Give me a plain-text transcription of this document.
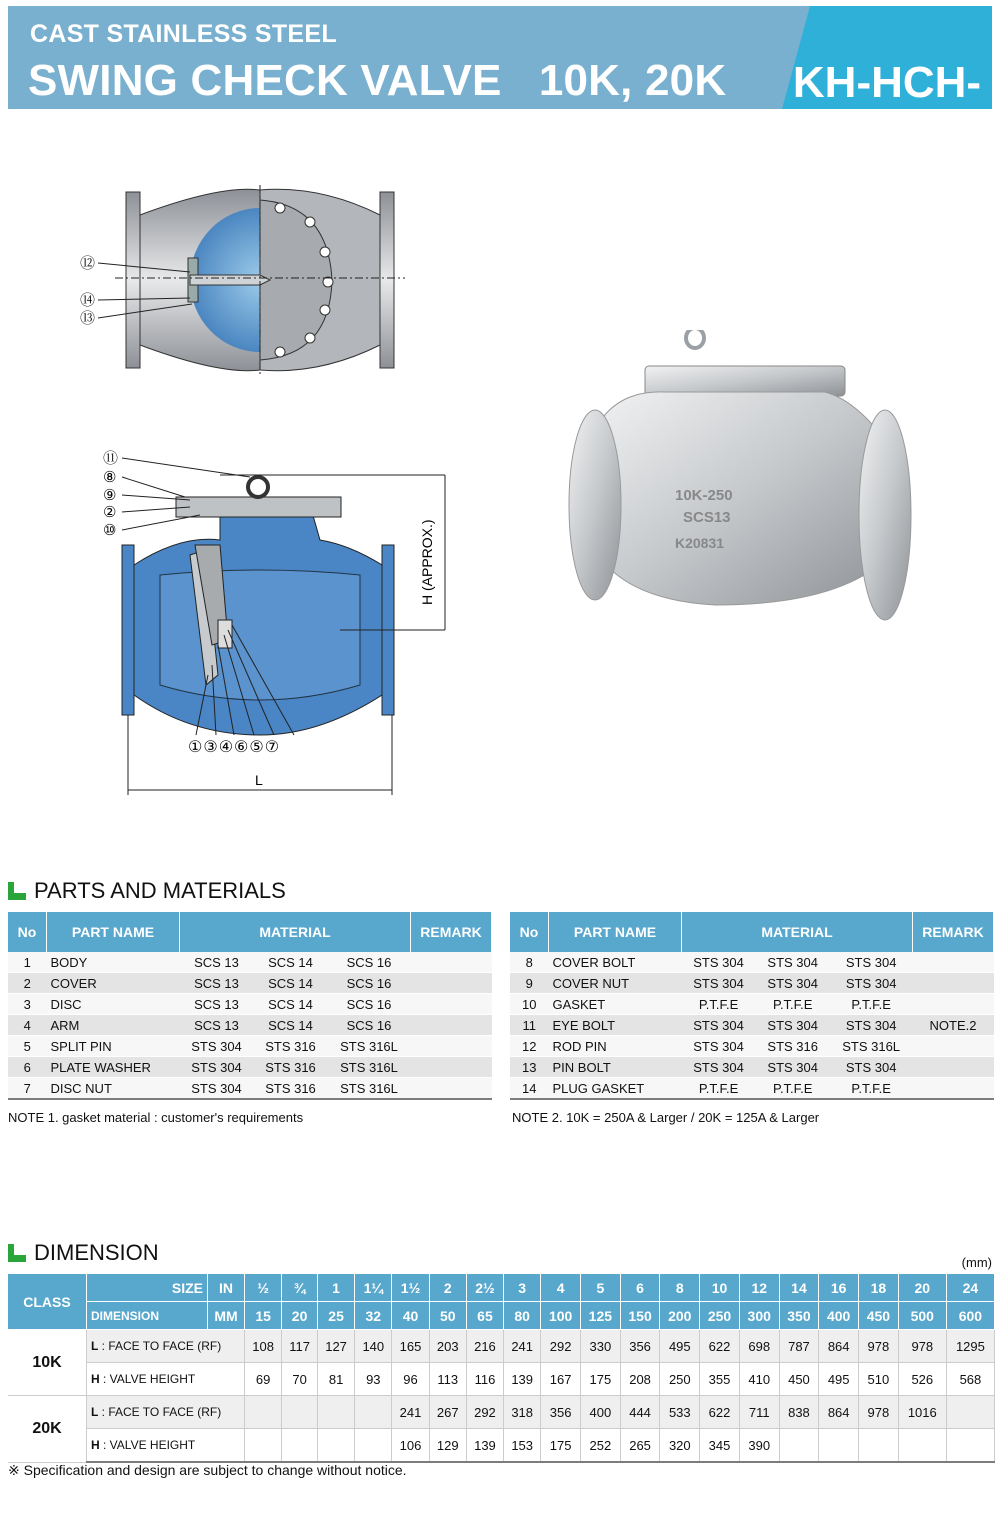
CAST STAINLESS STEEL
SWING CHECK VALVE   10K, 20K KH-HCH-1
⑫
⑭
⑬
H (APPROX.)
L
⑪
⑧
⑨
②
⑩
①③④⑥⑤⑦
10K-250
SCS13
K20831
PARTS AND MATERIALS
No	PART NAME	MATERIAL			REMARK
1	BODY	SCS 13	SCS 14	SCS 16	
2	COVER	SCS 13	SCS 14	SCS 16	
3	DISC	SCS 13	SCS 14	SCS 16	
4	ARM	SCS 13	SCS 14	SCS 16	
5	SPLIT PIN	STS 304	STS 316	STS 316L	
6	PLATE WASHER	STS 304	STS 316	STS 316L	
7	DISC NUT	STS 304	STS 316	STS 316L	
No	PART NAME	MATERIAL			REMARK
8	COVER BOLT	STS 304	STS 304	STS 304	
9	COVER NUT	STS 304	STS 304	STS 304	
10	GASKET	P.T.F.E	P.T.F.E	P.T.F.E	
11	EYE BOLT	STS 304	STS 304	STS 304	NOTE.2
12	ROD PIN	STS 304	STS 316	STS 316L	
13	PIN BOLT	STS 304	STS 304	STS 304	
14	PLUG GASKET	P.T.F.E	P.T.F.E	P.T.F.E	
NOTE 1. gasket material : customer's requirements	NOTE 2. 10K = 250A & Larger / 20K = 125A & Larger
DIMENSION	(mm)
CLASS	SIZE	IN	½	¾	1	1¼	1½	2	2½	3	4	5	6	8	10	12	14	16	18	20	24
	DIMENSION	MM	15	20	25	32	40	50	65	80	100	125	150	200	250	300	350	400	450	500	600
10K	L : FACE TO FACE (RF)		108	117	127	140	165	203	216	241	292	330	356	495	622	698	787	864	978	978	1295
	H : VALVE HEIGHT		69	70	81	93	96	113	116	139	167	175	208	250	355	410	450	495	510	526	568
20K	L : FACE TO FACE (RF)						241	267	292	318	356	400	444	533	622	711	838	864	978	1016	
	H : VALVE HEIGHT						106	129	139	153	175	252	265	320	345	390					
※ Specification and design are subject to change without notice.
